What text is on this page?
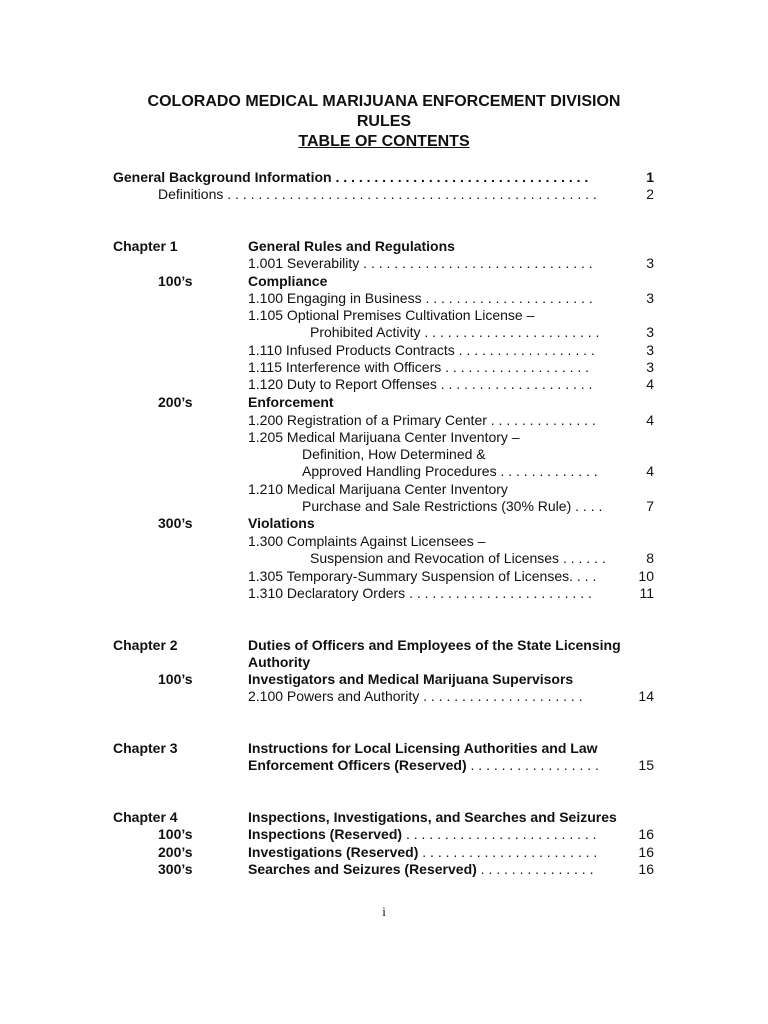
COLORADO MEDICAL MARIJUANA ENFORCEMENT DIVISION
RULES
TABLE OF CONTENTS
General Background Information . . . . . . . . . . . . . . . . . . . . . . . . . . . . . . . . .	1
Definitions . . . . . . . . . . . . . . . . . . . . . . . . . . . . . . . . . . . . . . . . . . . . . . . .	2
Chapter 1	General Rules and Regulations
1.001 Severability . . . . . . . . . . . . . . . . . . . . . . . . . . . . . .	3
100’s	Compliance
1.100 Engaging in Business . . . . . . . . . . . . . . . . . . . . . .	3
1.105 Optional Premises Cultivation License –
Prohibited Activity . . . . . . . . . . . . . . . . . . . . . . .	3
1.110 Infused Products Contracts . . . . . . . . . . . . . . . . . .	3
1.115 Interference with Officers . . . . . . . . . . . . . . . . . . .	3
1.120 Duty to Report Offenses . . . . . . . . . . . . . . . . . . . .	4
200’s	Enforcement
1.200 Registration of a Primary Center . . . . . . . . . . . . . .	4
1.205 Medical Marijuana Center Inventory –
Definition, How Determined &
Approved Handling Procedures . . . . . . . . . . . . .	4
1.210 Medical Marijuana Center Inventory
Purchase and Sale Restrictions (30% Rule) . . . .	7
300’s	Violations
1.300 Complaints Against Licensees –
Suspension and Revocation of Licenses . . . . . .	8
1.305 Temporary-Summary Suspension of Licenses. . . .	10
1.310 Declaratory Orders . . . . . . . . . . . . . . . . . . . . . . . .	11
Chapter 2	Duties of Officers and Employees of the State Licensing
Authority
100’s	Investigators and Medical Marijuana Supervisors
2.100 Powers and Authority . . . . . . . . . . . . . . . . . . . . .	14
Chapter 3	Instructions for Local Licensing Authorities and Law
Enforcement Officers (Reserved) . . . . . . . . . . . . . . . . .	15
Chapter 4	Inspections, Investigations, and Searches and Seizures
100’s	Inspections (Reserved) . . . . . . . . . . . . . . . . . . . . . . . . .	16
200’s	Investigations (Reserved) . . . . . . . . . . . . . . . . . . . . . . .	16
300’s	Searches and Seizures (Reserved) . . . . . . . . . . . . . . .	16
i
